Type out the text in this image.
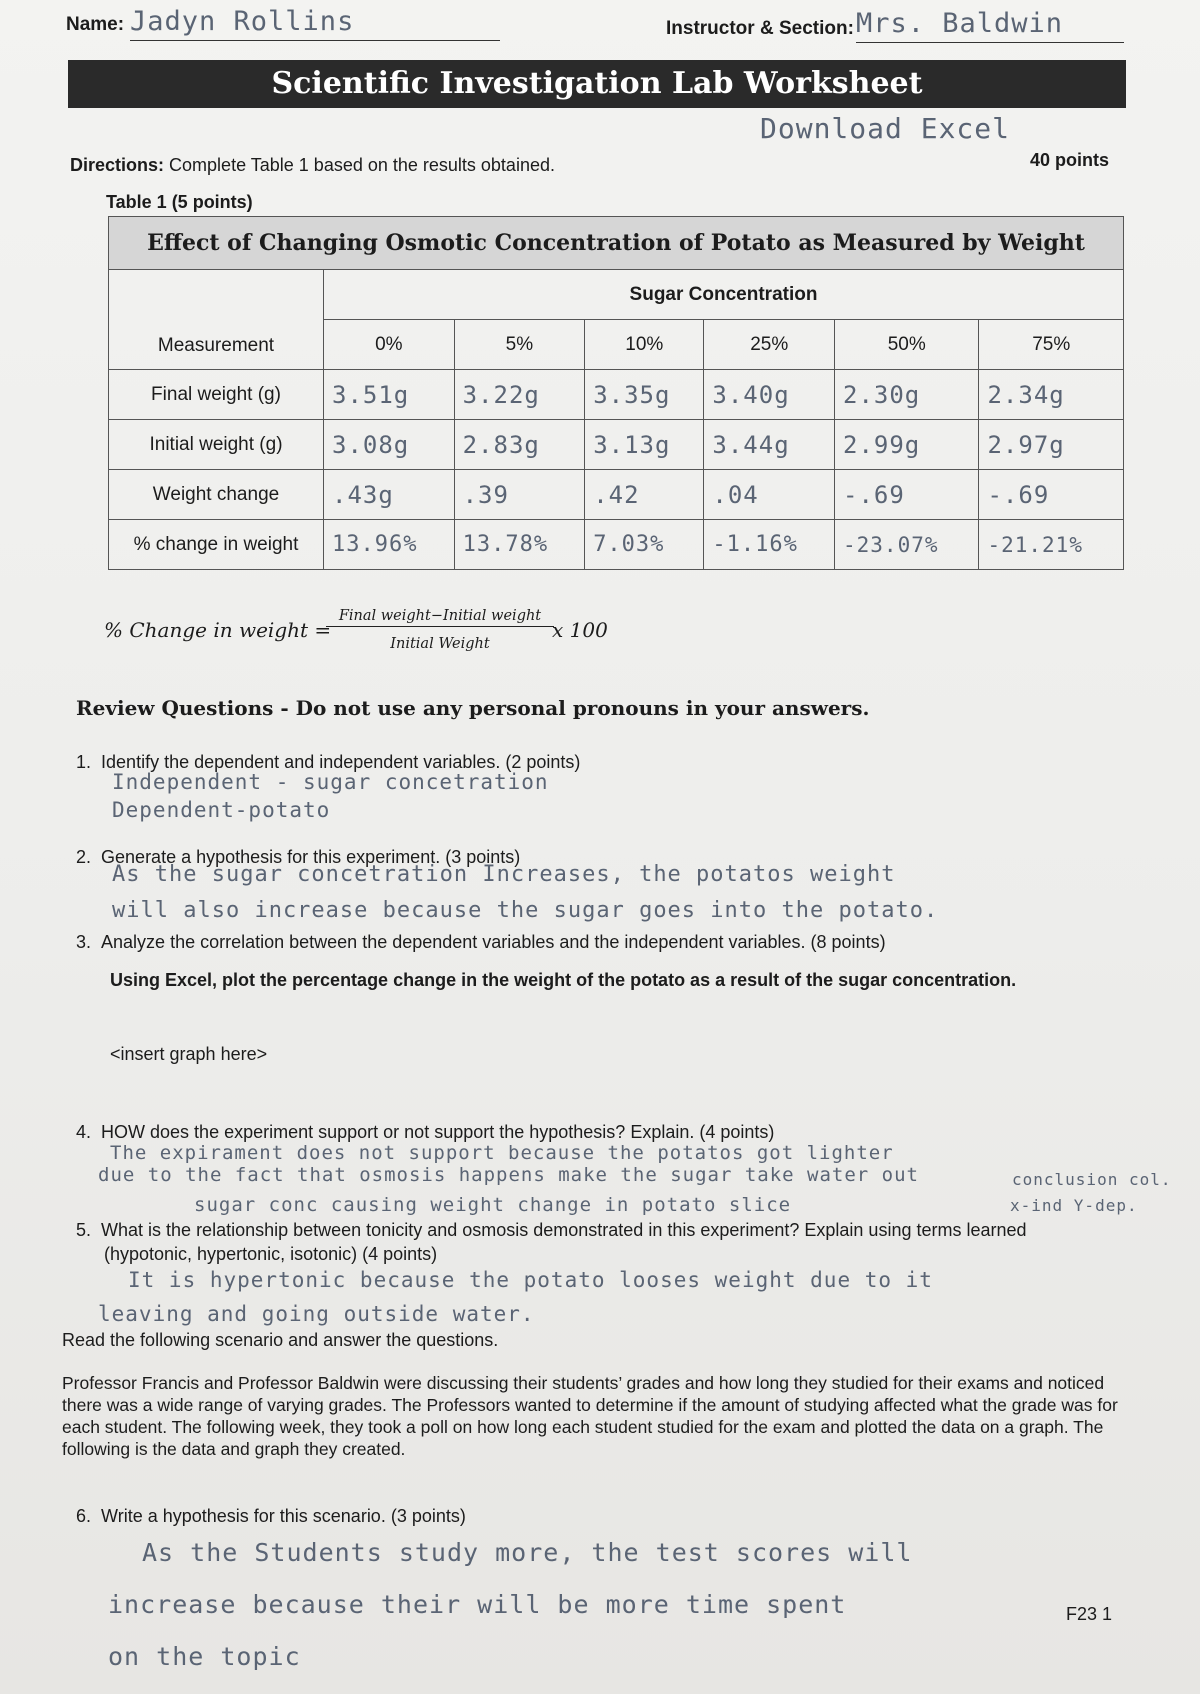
Name: Jadyn Rollins	Instructor & Section: Mrs. Baldwin
Scientific Investigation Lab Worksheet
Download Excel
Directions: Complete Table 1 based on the results obtained.	40 points
Table 1 (5 points)
Effect of Changing Osmotic Concentration of Potato as Measured by Weight						

Measurement	Sugar Concentration					
	0%	5%	10%	25%	50%	75%
Final weight (g)	3.51g	3.22g	3.35g	3.40g	2.30g	2.34g
Initial weight (g)	3.08g	2.83g	3.13g	3.44g	2.99g	2.97g
Weight change	.43g	.39	.42	.04	-.69	-.69
% change in weight	13.96%	13.78%	7.03%	-1.16%	-23.07%	-21.21%
% Change in weight =
Final weight−Initial weight
Initial Weight
x 100
Review Questions - Do not use any personal pronouns in your answers.
1. Identify the dependent and independent variables. (2 points)
Independent - sugar concetration
Dependent-potato
2. Generate a hypothesis for this experiment. (3 points)
As the sugar concetration Increases, the potatos weight
will also increase because the sugar goes into the potato.
3. Analyze the correlation between the dependent variables and the independent variables. (8 points)
Using Excel, plot the percentage change in the weight of the potato as a result of the sugar concentration.
<insert graph here>
4. HOW does the experiment support or not support the hypothesis? Explain. (4 points)
The expirament does not support because the potatos got lighter
due to the fact that osmosis happens make the sugar take water out
sugar conc causing weight change in potato slice
conclusion col.
x-ind Y-dep.
5. What is the relationship between tonicity and osmosis demonstrated in this experiment? Explain using terms learned
(hypotonic, hypertonic, isotonic) (4 points)
It is hypertonic because the potato looses weight due to it
leaving and going outside water.
Read the following scenario and answer the questions.
Professor Francis and Professor Baldwin were discussing their students’ grades and how long they studied for their exams and noticed there was a wide range of varying grades. The Professors wanted to determine if the amount of studying affected what the grade was for each student. The following week, they took a poll on how long each student studied for the exam and plotted the data on a graph. The following is the data and graph they created.
6. Write a hypothesis for this scenario. (3 points)
As the Students study more, the test scores will
increase because their will be more time spent
on the topic
F23 1
